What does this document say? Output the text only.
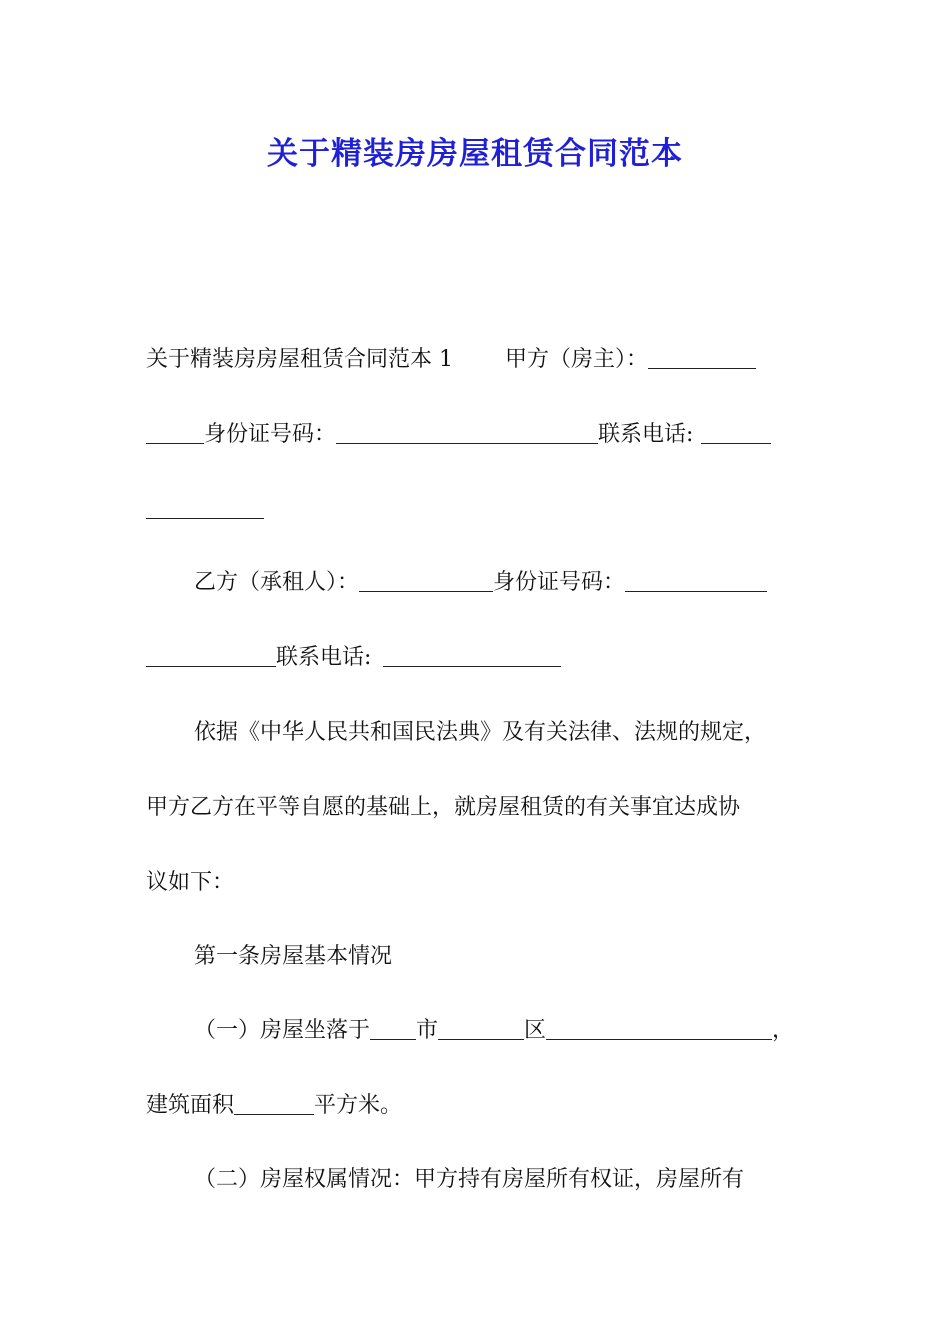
关于精装房房屋租赁合同范本
关于精装房房屋租赁合同范本 1 甲方（房主）：
身份证号码：	联系电话:
乙方（承租人）：	身份证号码：
联系电话:
依据《中华人民共和国民法典》及有关法律、法规的规定，
甲方乙方在平等自愿的基础上，就房屋租赁的有关事宜达成协
议如下：
第一条房屋基本情况
（一）房屋坐落于 市	区	，
建筑面积	平方米。
（二）房屋权属情况：甲方持有房屋所有权证，房屋所有
